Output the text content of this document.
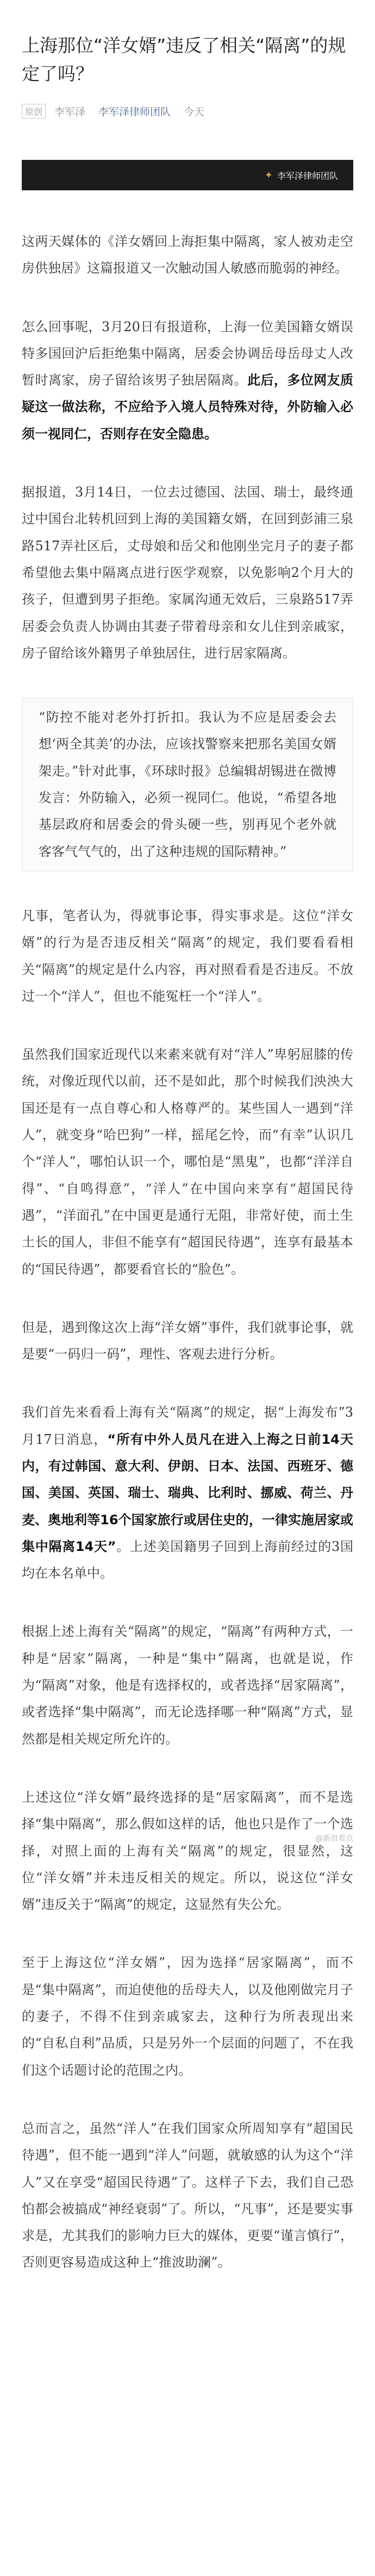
上海那位“洋女婿”违反了相关“隔离”的规定了吗？
原创	李军泽 李军泽律师团队 今天
✦ 李军泽律师团队

这两天媒体的《洋女婿回上海拒集中隔离，家人被劝走空房供独居》这篇报道又一次触动国人敏感而脆弱的神经。

怎么回事呢，3月20日有报道称，上海一位美国籍女婿误特多国回沪后拒绝集中隔离，居委会协调岳母岳母丈人改暂时离家，房子留给该男子独居隔离。此后，多位网友质疑这一做法称，不应给予入境人员特殊对待，外防输入必须一视同仁，否则存在安全隐患。

据报道，3月14日，一位去过德国、法国、瑞士，最终通过中国台北转机回到上海的美国籍女婿，在回到彭浦三泉路517弄社区后，丈母娘和岳父和他刚坐完月子的妻子都希望他去集中隔离点进行医学观察，以免影响2个月大的孩子，但遭到男子拒绝。家属沟通无效后，三泉路517弄居委会负责人协调由其妻子带着母亲和女儿住到亲戚家，房子留给该外籍男子单独居住，进行居家隔离。

“防控不能对老外打折扣。我认为不应是居委会去想‘两全其美’的办法，应该找警察来把那名美国女婿架走。”针对此事，《环球时报》总编辑胡锡进在微博发言：外防输入，必须一视同仁。他说，“希望各地基层政府和居委会的骨头硬一些，别再见个老外就客客气气气的，出了这种违规的国际精神。”

凡事，笔者认为，得就事论事，得实事求是。这位“洋女婿”的行为是否违反相关“隔离”的规定，我们要看看相关“隔离”的规定是什么内容，再对照看看是否违反。不放过一个“洋人”，但也不能冤枉一个“洋人”。

虽然我们国家近现代以来素来就有对“洋人”卑躬屈膝的传统，对像近现代以前，还不是如此，那个时候我们泱泱大国还是有一点自尊心和人格尊严的。某些国人一遇到“洋人”，就变身“哈巴狗”一样，摇尾乞怜，而“有幸”认识几个“洋人”，哪怕认识一个，哪怕是“黑鬼”，也都“洋洋自得”、“自鸣得意”，“洋人”在中国向来享有“超国民待遇”，“洋面孔”在中国更是通行无阻，非常好使，而土生土长的国人，非但不能享有“超国民待遇”，连享有最基本的“国民待遇”，都要看官长的“脸色”。

但是，遇到像这次上海“洋女婿”事件，我们就事论事，就是要“一码归一码”，理性、客观去进行分析。

我们首先来看看上海有关“隔离”的规定，据“上海发布”3月17日消息，“所有中外人员凡在进入上海之日前14天内，有过韩国、意大利、伊朗、日本、法国、西班牙、德国、美国、英国、瑞士、瑞典、比利时、挪威、荷兰、丹麦、奥地利等16个国家旅行或居住史的，一律实施居家或集中隔离14天”。上述美国籍男子回到上海前经过的3国均在本名单中。

根据上述上海有关“隔离”的规定，“隔离”有两种方式，一种是“居家”隔离，一种是“集中”隔离，也就是说，作为“隔离”对象，他是有选择权的，或者选择“居家隔离”，或者选择“集中隔离”，而无论选择哪一种“隔离”方式，显然都是相关规定所允许的。

上述这位“洋女婿”最终选择的是“居家隔离”，而不是选择“集中隔离”，那么假如这样的话，他也只是作了一个选择，对照上面的上海有关“隔离”的规定，很显然，这位“洋女婿”并未违反相关的规定。所以，说这位“洋女婿”违反关于“隔离”的规定，这显然有失公允。

至于上海这位“洋女婿”，因为选择“居家隔离”，而不是“集中隔离”，而迫使他的岳母夫人，以及他刚做完月子的妻子，不得不住到亲戚家去，这种行为所表现出来的“自私自利”品质，只是另外一个层面的问题了，不在我们这个话题讨论的范围之内。

总而言之，虽然“洋人”在我们国家众所周知享有“超国民待遇”，但不能一遇到“洋人”问题，就敏感的认为这个“洋人”又在享受“超国民待遇”了。这样子下去，我们自己恐怕都会被搞成“神经衰弱”了。所以，“凡事”，还是要实事求是，尤其我们的影响力巨大的媒体，更要“谨言慎行”，否则更容易造成这种上“推波助澜”。

@新浪看点
